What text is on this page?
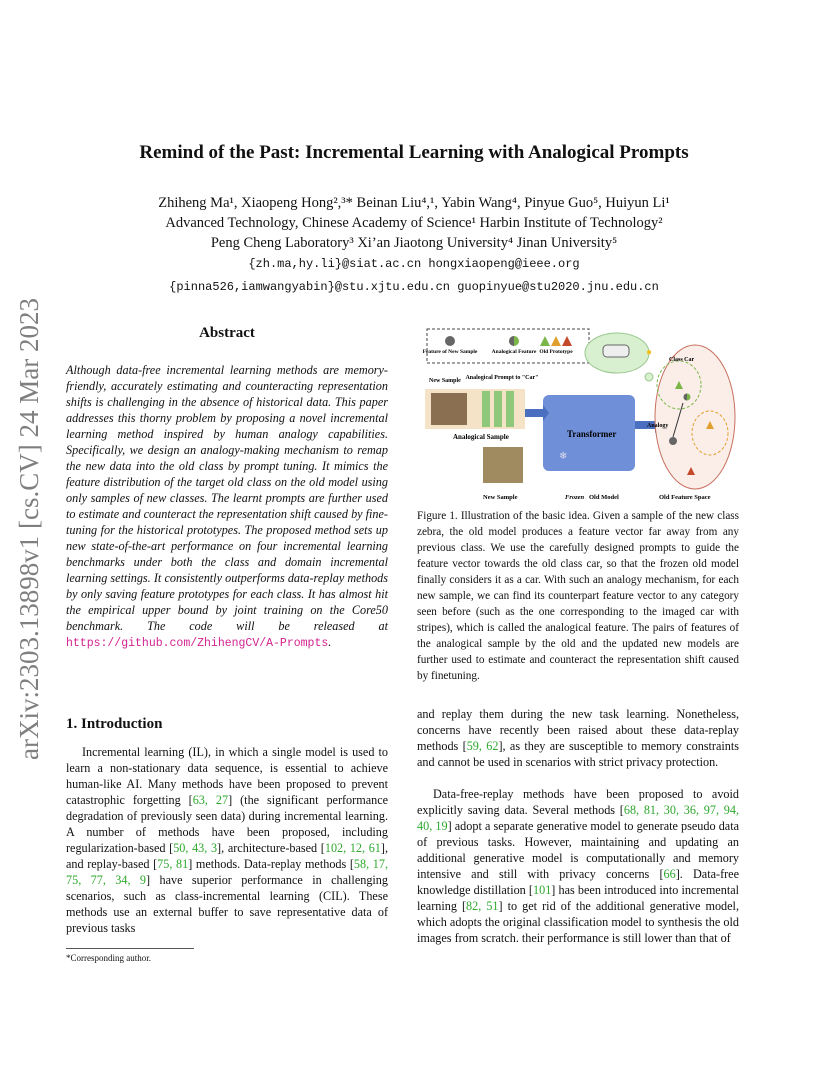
arXiv:2303.13898v1 [cs.CV] 24 Mar 2023
Remind of the Past: Incremental Learning with Analogical Prompts
Zhiheng Ma¹, Xiaopeng Hong²,³* Beinan Liu⁴,¹, Yabin Wang⁴, Pinyue Guo⁵, Huiyun Li¹
Advanced Technology, Chinese Academy of Science¹ Harbin Institute of Technology²
Peng Cheng Laboratory³ Xi’an Jiaotong University⁴ Jinan University⁵
{zh.ma,hy.li}@siat.ac.cn hongxiaopeng@ieee.org
{pinna526,iamwangyabin}@stu.xjtu.edu.cn guopinyue@stu2020.jnu.edu.cn
Abstract
Although data-free incremental learning methods are memory-friendly, accurately estimating and counteracting representation shifts is challenging in the absence of historical data. This paper addresses this thorny problem by proposing a novel incremental learning method inspired by human analogy capabilities. Specifically, we design an analogy-making mechanism to remap the new data into the old class by prompt tuning. It mimics the feature distribution of the target old class on the old model using only samples of new classes. The learnt prompts are further used to estimate and counteract the representation shift caused by fine-tuning for the historical prototypes. The proposed method sets up new state-of-the-art performance on four incremental learning benchmarks under both the class and domain incremental learning settings. It consistently outperforms data-replay methods by only saving feature prototypes for each class. It has almost hit the empirical upper bound by joint training on the Core50 benchmark. The code will be released at https://github.com/ZhihengCV/A-Prompts.
Feature of New Sample	Analogical Feature Old Prototype	●
New Sample Analogical Prompt to "Car"
Analogical Sample	Transformer
❄
New Sample	Frozen Old Model	Old Feature Space
Class Car
Analogy
Figure 1. Illustration of the basic idea. Given a sample of the new class zebra, the old model produces a feature vector far away from any previous class. We use the carefully designed prompts to guide the feature vector towards the old class car, so that the frozen old model finally considers it as a car. With such an analogy mechanism, for each new sample, we can find its counterpart feature vector to any category seen before (such as the one corresponding to the imaged car with stripes), which is called the analogical feature. The pairs of features of the analogical sample by the old and the updated new models are further used to estimate and counteract the representation shift caused by finetuning.
1. Introduction
Incremental learning (IL), in which a single model is used to learn a non-stationary data sequence, is essential to achieve human-like AI. Many methods have been proposed to prevent catastrophic forgetting [63, 27] (the significant performance degradation of previously seen data) during incremental learning. A number of methods have been proposed, including regularization-based [50, 43, 3], architecture-based [102, 12, 61], and replay-based [75, 81] methods. Data-replay methods [58, 17, 75, 77, 34, 9] have superior performance in challenging scenarios, such as class-incremental learning (CIL). These methods use an external buffer to save representative data of previous tasks
*Corresponding author.
and replay them during the new task learning. Nonetheless, concerns have recently been raised about these data-replay methods [59, 62], as they are susceptible to memory constraints and cannot be used in scenarios with strict privacy protection.
Data-free-replay methods have been proposed to avoid explicitly saving data. Several methods [68, 81, 30, 36, 97, 94, 40, 19] adopt a separate generative model to generate pseudo data of previous tasks. However, maintaining and updating an additional generative model is computationally and memory intensive and still with privacy concerns [66]. Data-free knowledge distillation [101] has been introduced into incremental learning [82, 51] to get rid of the additional generative model, which adopts the original classification model to synthesis the old images from scratch. their performance is still lower than that of
